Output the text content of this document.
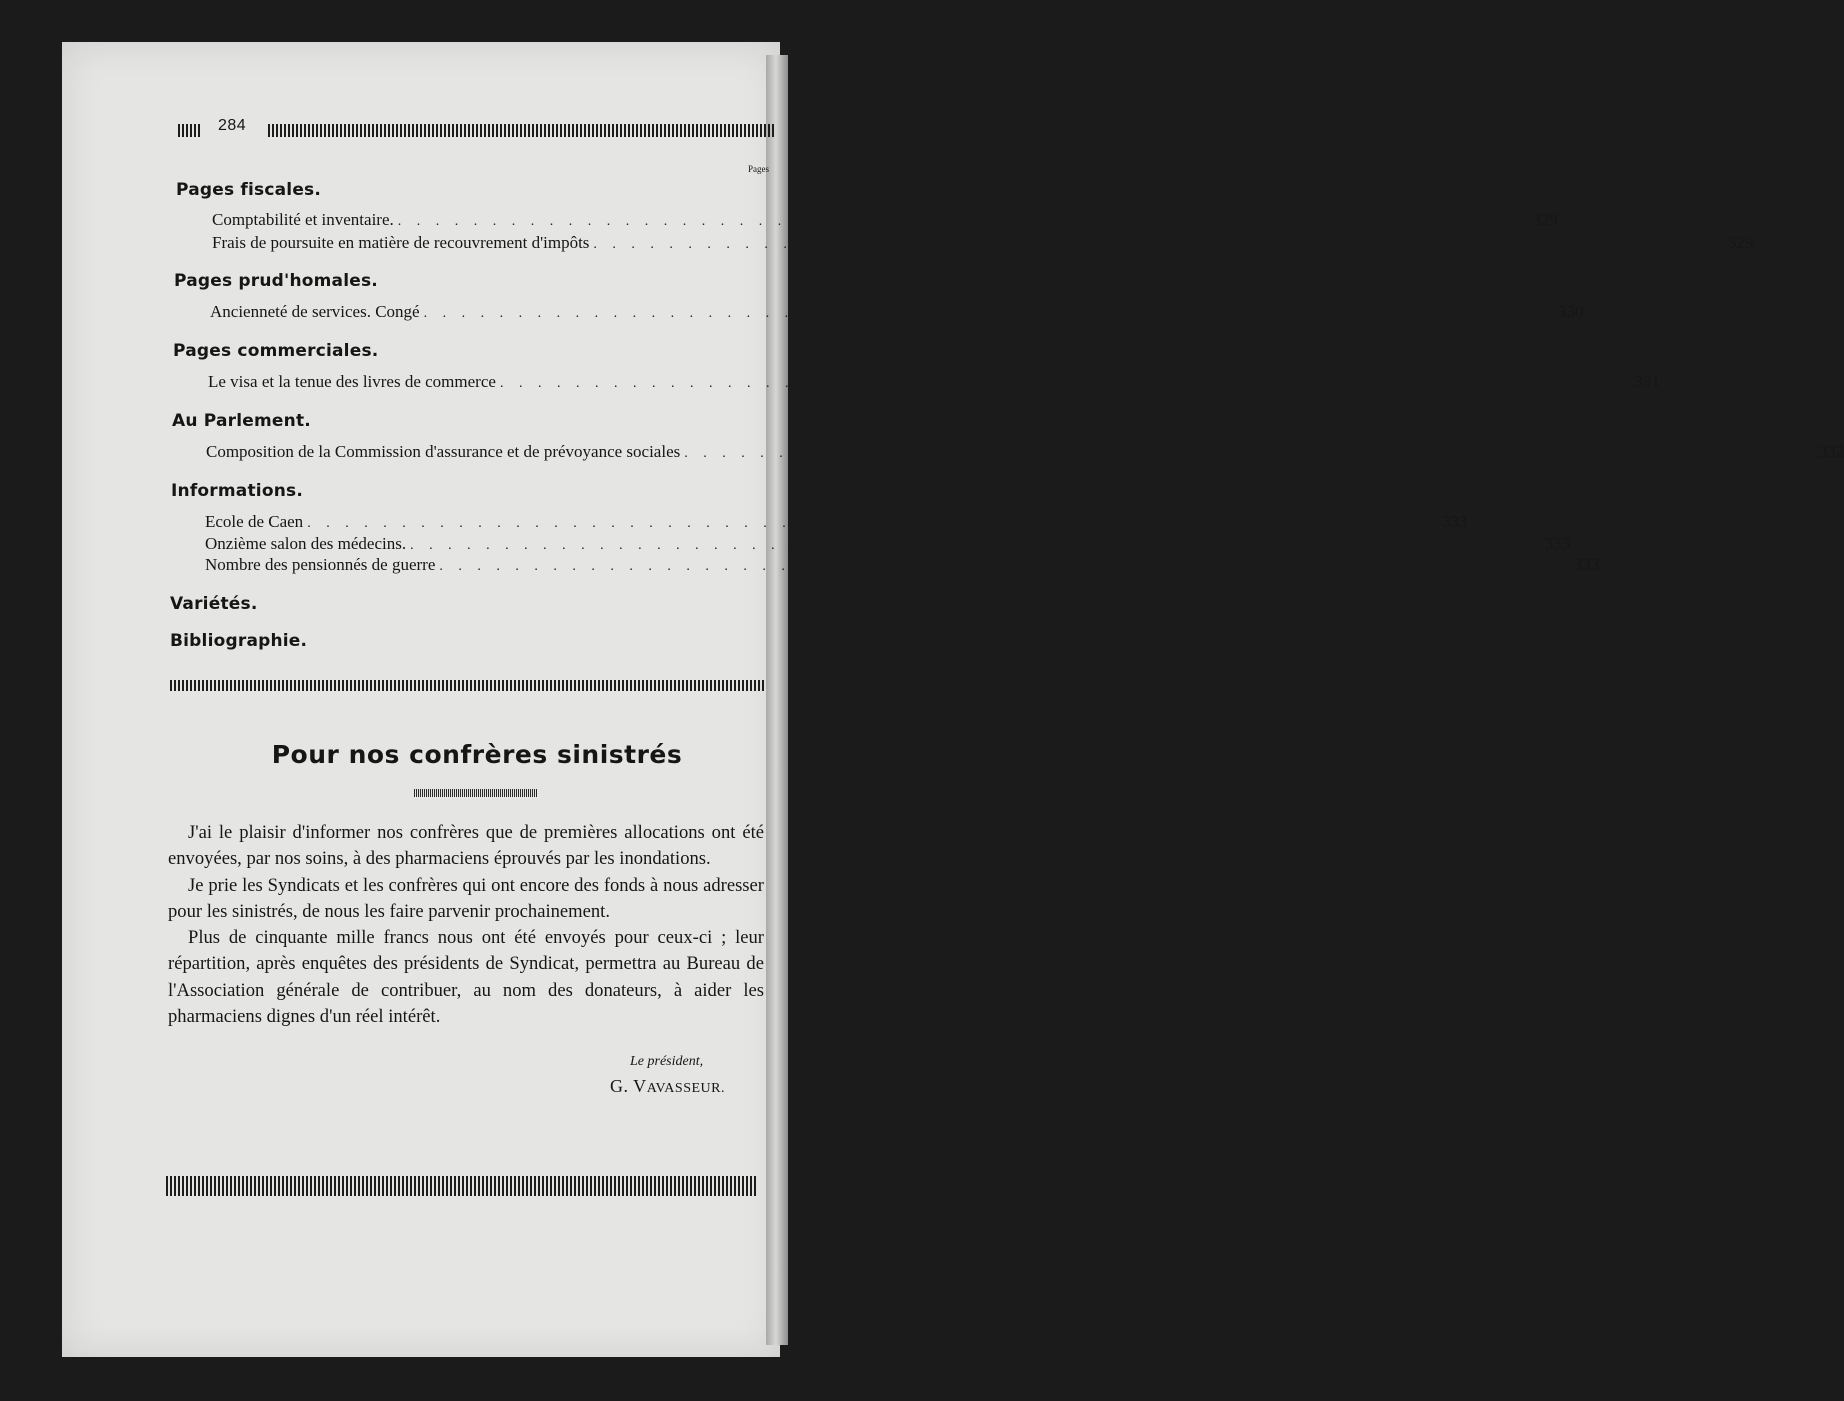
284
Pages
Pages fiscales.
Comptabilité et inventaire. . . . . . . . . . . . . . . . . . . . . . . . . . . . . . . . . . . . . . . . . . . . . . . . . . . . . . . . . . . . . 329
Frais de poursuite en matière de recouvrement d'impôts . . . . . . . . . . . . . . . . . . . . . . . . . . . . . . . . . . . . . . . . . . . . . . . . . . . . . . . . . . . . 329
Pages prud'homales.
Ancienneté de services. Congé . . . . . . . . . . . . . . . . . . . . . . . . . . . . . . . . . . . . . . . . . . . . . . . . . . . . . . . . . . . . 330
Pages commerciales.
Le visa et la tenue des livres de commerce . . . . . . . . . . . . . . . . . . . . . . . . . . . . . . . . . . . . . . . . . . . . . . . . . . . . . . . . . . . . 331
Au Parlement.
Composition de la Commission d'assurance et de prévoyance sociales . . . . . . . . . . . . . . . . . . . . . . . . . . . . . . . . . . . . . . . . . . . . . . . . . . . . . . . . . . . . 332
Informations.
Ecole de Caen . . . . . . . . . . . . . . . . . . . . . . . . . . . . . . . . . . . . . . . . . . . . . . . . . . . . . . . . . . . . 333
Onzième salon des médecins. . . . . . . . . . . . . . . . . . . . . . . . . . . . . . . . . . . . . . . . . . . . . . . . . . . . . . . . . . . . . 333
Nombre des pensionnés de guerre . . . . . . . . . . . . . . . . . . . . . . . . . . . . . . . . . . . . . . . . . . . . . . . . . . . . . . . . . . . . 333
Variétés.
Bibliographie.
Pour nos confrères sinistrés

J'ai le plaisir d'informer nos confrères que de premières allocations ont été envoyées, par nos soins, à des pharmaciens éprouvés par les inondations.

Je prie les Syndicats et les confrères qui ont encore des fonds à nous adresser pour les sinistrés, de nous les faire parvenir prochainement.

Plus de cinquante mille francs nous ont été envoyés pour ceux-ci ; leur répartition, après enquêtes des présidents de Syndicat, permettra au Bureau de l'Association générale de contribuer, au nom des donateurs, à aider les pharmaciens dignes d'un réel intérêt.

Le président,
G. VAVASSEUR.
